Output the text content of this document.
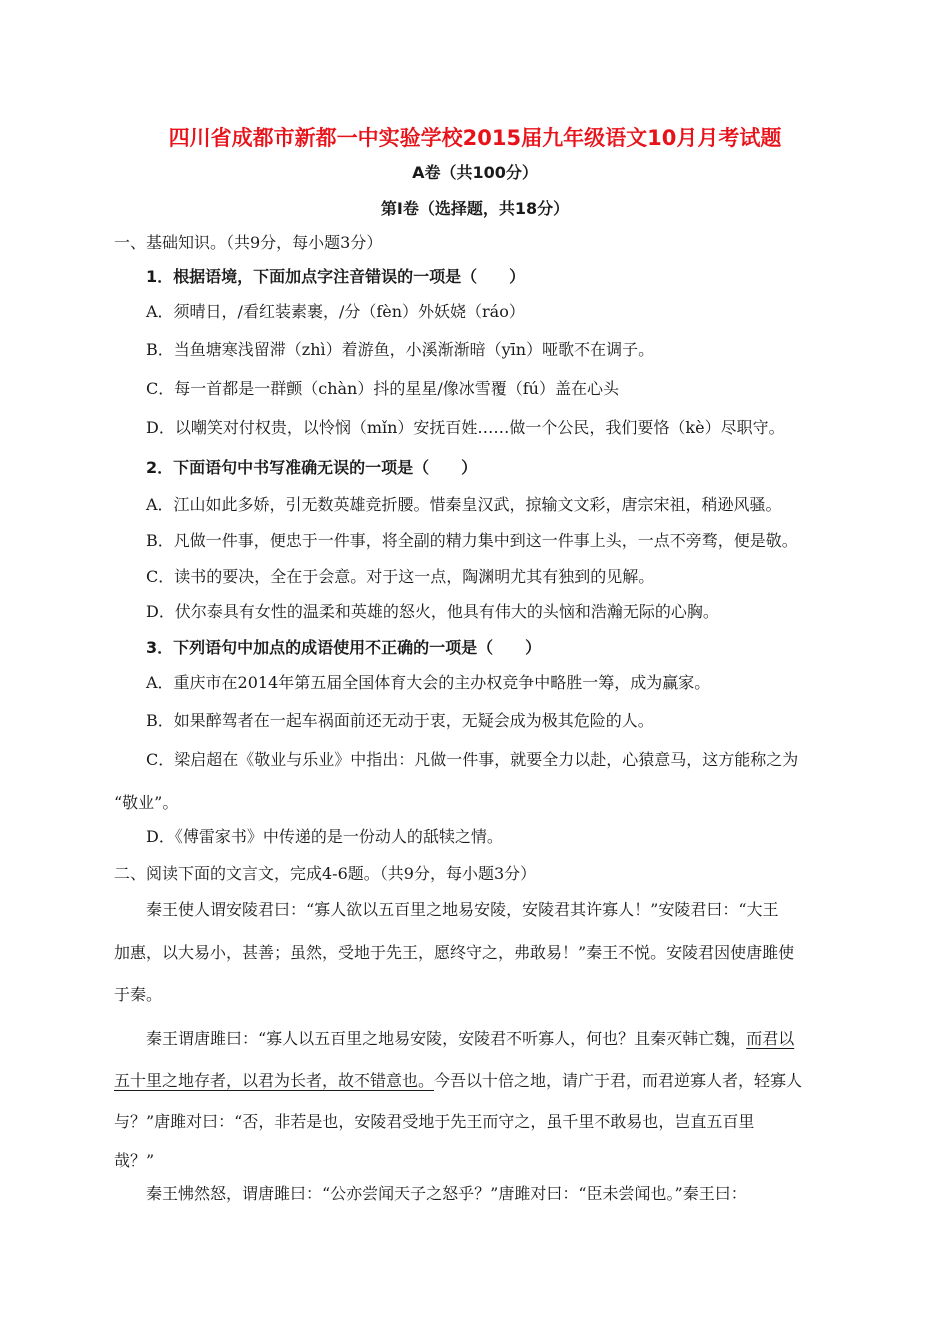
四川省成都市新都一中实验学校2015届九年级语文10月月考试题
A卷（共100分）
第Ⅰ卷（选择题，共18分）
一、基础知识。（共9分，每小题3分）
1．根据语境，下面加点字注音错误的一项是（　　）
A．须晴日，/看红装素裹，/分（fèn）外妖娆（ráo）
B．当鱼塘寒浅留滞（zhì）着游鱼，小溪渐渐暗（yīn）哑歌不在调子。
C．每一首都是一群颤（chàn）抖的星星/像冰雪覆（fú）盖在心头
D．以嘲笑对付权贵，以怜悯（mǐn）安抚百姓……做一个公民，我们要恪（kè）尽职守。
2．下面语句中书写准确无误的一项是（　　）
A．江山如此多娇，引无数英雄竞折腰。惜秦皇汉武，掠输文文彩，唐宗宋祖，稍逊风骚。
B．凡做一件事，便忠于一件事，将全副的精力集中到这一件事上头，一点不旁骛，便是敬。
C．读书的要决，全在于会意。对于这一点，陶渊明尤其有独到的见解。
D．伏尔泰具有女性的温柔和英雄的怒火，他具有伟大的头恼和浩瀚无际的心胸。
3．下列语句中加点的成语使用不正确的一项是（　　）
A．重庆市在2014年第五届全国体育大会的主办权竞争中略胜一筹，成为赢家。
B．如果醉驾者在一起车祸面前还无动于衷，无疑会成为极其危险的人。
C．梁启超在《敬业与乐业》中指出：凡做一件事，就要全力以赴，心猿意马，这方能称之为
“敬业”。
D．《傅雷家书》中传递的是一份动人的舐犊之情。
二、阅读下面的文言文，完成4-6题。（共9分，每小题3分）
秦王使人谓安陵君曰：“寡人欲以五百里之地易安陵，安陵君其许寡人！”安陵君曰：“大王
加惠，以大易小，甚善；虽然，受地于先王，愿终守之，弗敢易！”秦王不悦。安陵君因使唐雎使
于秦。
秦王谓唐雎曰：“寡人以五百里之地易安陵，安陵君不听寡人，何也？且秦灭韩亡魏，而君以
五十里之地存者，以君为长者，故不错意也。今吾以十倍之地，请广于君，而君逆寡人者，轻寡人
与？”唐雎对曰：“否，非若是也，安陵君受地于先王而守之，虽千里不敢易也，岂直五百里
哉？”
秦王怫然怒，谓唐雎曰：“公亦尝闻天子之怒乎？”唐雎对曰：“臣未尝闻也。”秦王曰：
